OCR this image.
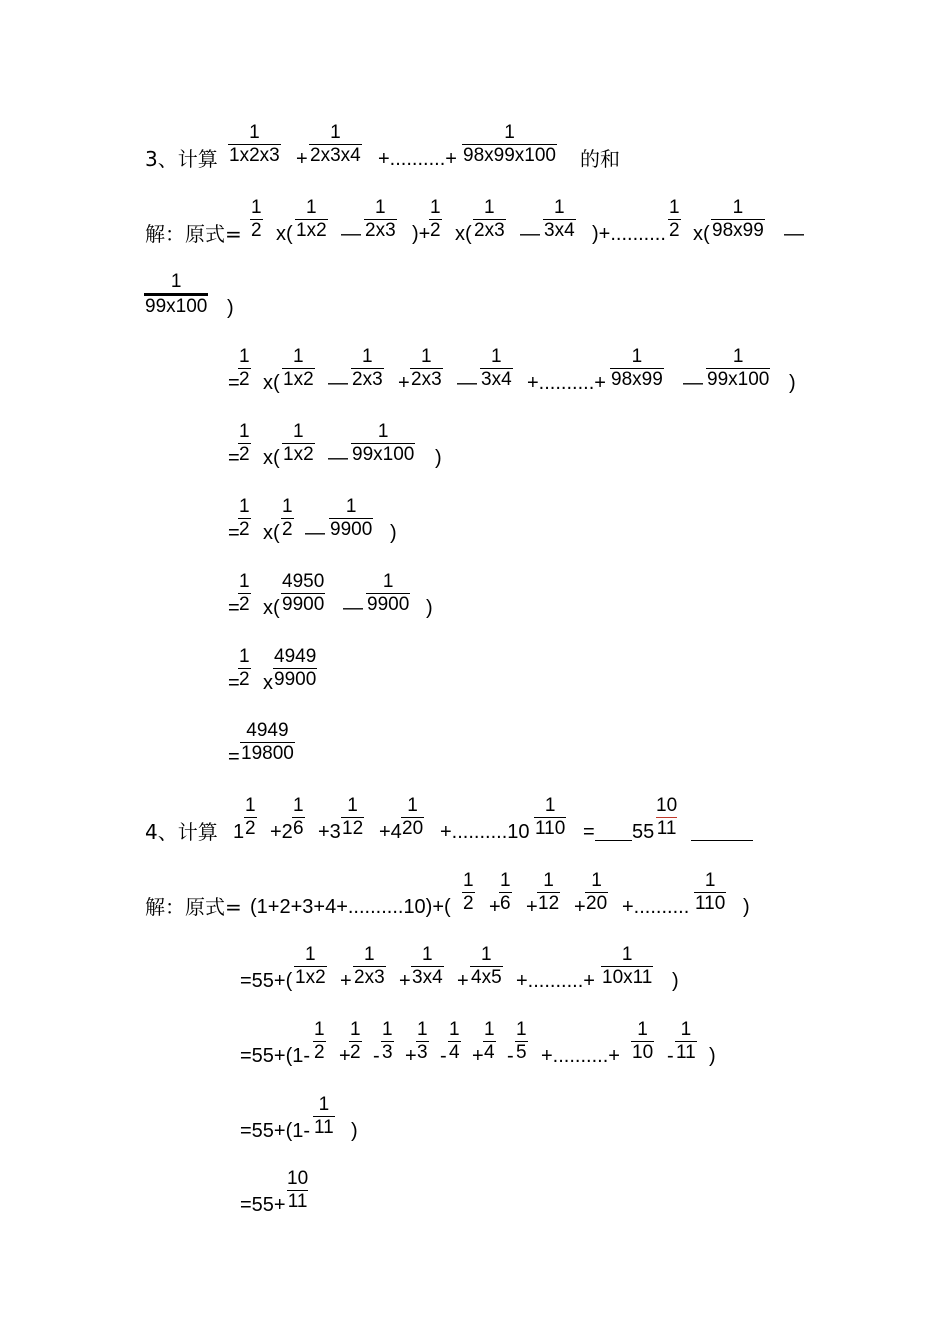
3、计算 $\frac{1}{1x2x3} + \frac{1}{2x3x4}$ +..........+ $\frac{1}{98x99x100}$ 的和
解：原式= $\frac{1}{2} x( \frac{1}{1x2}$ — $\frac{1}{2x3}$ )+
$\frac{1}{2} x( \frac{1}{2x3}$ — $\frac{1}{3x4}$ )+.......... $\frac{1}{2} x( \frac{1}{98x99}$ —
$\frac{1}{99x100}$ )
=
$\frac{1}{2} x( \frac{1}{1x2}$ — $\frac{1}{2x3} + \frac{1}{2x3}$ — $\frac{1}{3x4}$ +..........+ $\frac{1}{98x99}$ — $\frac{1}{99x100}$ )
=
$\frac{1}{2} x( \frac{1}{1x2}$ — $\frac{1}{99x100}$ )
=
$\frac{1}{2} x( \frac{1}{2}$ — $\frac{1}{9900}$ )
=
$\frac{1}{2} x( \frac{4950}{9900}$ — $\frac{1}{9900}$ )
=
$\frac{1}{2}$ x $\frac{4949}{9900}$
= $\frac{4949}{19800}$
4、计算 $1 \frac{1}{2} +2 \frac{1}{6} +3 \frac{1}{12} +4 \frac{1}{20} +..........10 \frac{1}{110} = 55 \frac{10}{11}$
解：原式= $(1+2+3+4+..........10)+( \frac{1}{2}$ +
$\frac{1}{6} + \frac{1}{12} + \frac{1}{20}$ +.......... $\frac{1}{110}$ )
$=55+( \frac{1}{1x2} + \frac{1}{2x3} + \frac{1}{3x4} + \frac{1}{4x5}$ +..........+ $\frac{1}{10x11}$ )
$=55+(1- \frac{1}{2}$ +
$\frac{1}{2} - \frac{1}{3} + \frac{1}{3} - \frac{1}{4} + \frac{1}{4} - \frac{1}{5}$ +..........+ $\frac{1}{10} - \frac{1}{11}$ )
$=55+(1- \frac{1}{11}$ )
$=55+ \frac{10}{11}$
